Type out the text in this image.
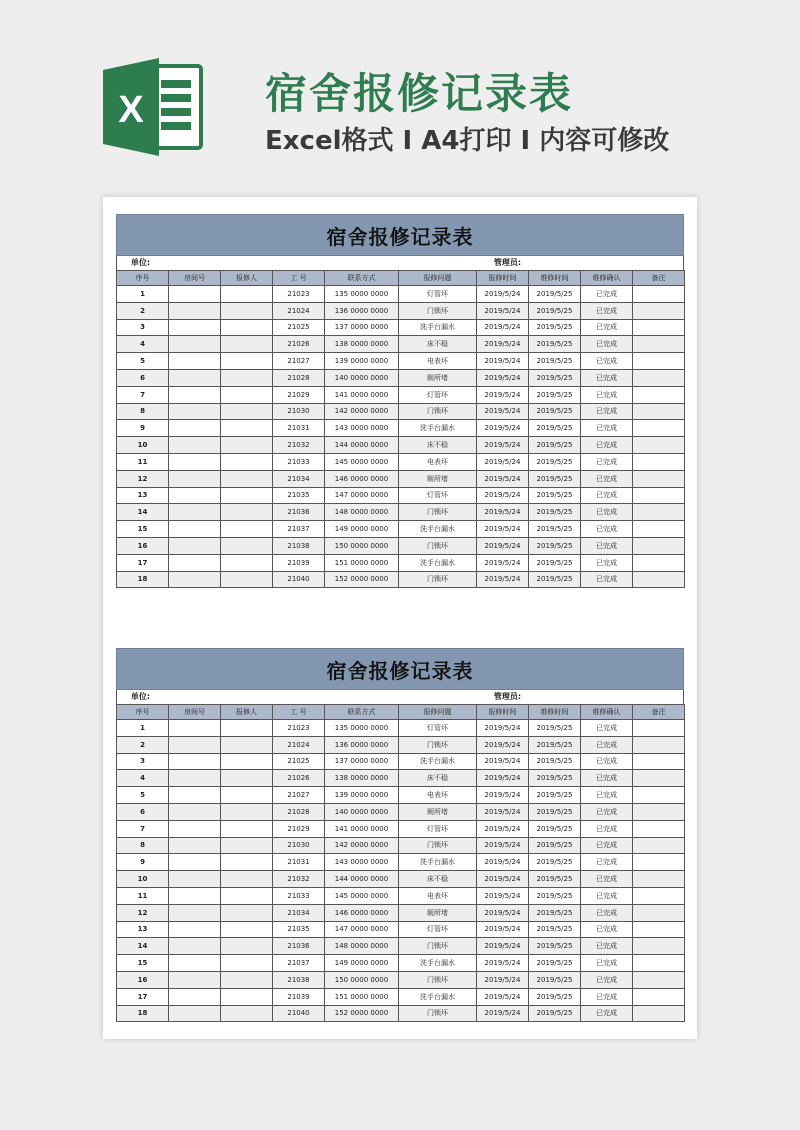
X	宿舍报修记录表
Excel格式 I A4打印 I 内容可修改
宿舍报修记录表
单位:	管理员:
序号	房间号	报修人	工 号	联系方式	报修问题	报修时间	维修时间	维修确认	备注
1			21023	135 0000 0000	灯管坏	2019/5/24	2019/5/25	已完成	
2			21024	136 0000 0000	门锁坏	2019/5/24	2019/5/25	已完成	
3			21025	137 0000 0000	洗手台漏水	2019/5/24	2019/5/25	已完成	
4			21026	138 0000 0000	床不稳	2019/5/24	2019/5/25	已完成	
5			21027	139 0000 0000	电表坏	2019/5/24	2019/5/25	已完成	
6			21028	140 0000 0000	厕所堵	2019/5/24	2019/5/25	已完成	
7			21029	141 0000 0000	灯管坏	2019/5/24	2019/5/25	已完成	
8			21030	142 0000 0000	门锁坏	2019/5/24	2019/5/25	已完成	
9			21031	143 0000 0000	洗手台漏水	2019/5/24	2019/5/25	已完成	
10			21032	144 0000 0000	床不稳	2019/5/24	2019/5/25	已完成	
11			21033	145 0000 0000	电表坏	2019/5/24	2019/5/25	已完成	
12			21034	146 0000 0000	厕所堵	2019/5/24	2019/5/25	已完成	
13			21035	147 0000 0000	灯管坏	2019/5/24	2019/5/25	已完成	
14			21036	148 0000 0000	门锁坏	2019/5/24	2019/5/25	已完成	
15			21037	149 0000 0000	洗手台漏水	2019/5/24	2019/5/25	已完成	
16			21038	150 0000 0000	门锁坏	2019/5/24	2019/5/25	已完成	
17			21039	151 0000 0000	洗手台漏水	2019/5/24	2019/5/25	已完成	
18			21040	152 0000 0000	门锁坏	2019/5/24	2019/5/25	已完成	
宿舍报修记录表
单位:	管理员:
序号	房间号	报修人	工 号	联系方式	报修问题	报修时间	维修时间	维修确认	备注
1			21023	135 0000 0000	灯管坏	2019/5/24	2019/5/25	已完成	
2			21024	136 0000 0000	门锁坏	2019/5/24	2019/5/25	已完成	
3			21025	137 0000 0000	洗手台漏水	2019/5/24	2019/5/25	已完成	
4			21026	138 0000 0000	床不稳	2019/5/24	2019/5/25	已完成	
5			21027	139 0000 0000	电表坏	2019/5/24	2019/5/25	已完成	
6			21028	140 0000 0000	厕所堵	2019/5/24	2019/5/25	已完成	
7			21029	141 0000 0000	灯管坏	2019/5/24	2019/5/25	已完成	
8			21030	142 0000 0000	门锁坏	2019/5/24	2019/5/25	已完成	
9			21031	143 0000 0000	洗手台漏水	2019/5/24	2019/5/25	已完成	
10			21032	144 0000 0000	床不稳	2019/5/24	2019/5/25	已完成	
11			21033	145 0000 0000	电表坏	2019/5/24	2019/5/25	已完成	
12			21034	146 0000 0000	厕所堵	2019/5/24	2019/5/25	已完成	
13			21035	147 0000 0000	灯管坏	2019/5/24	2019/5/25	已完成	
14			21036	148 0000 0000	门锁坏	2019/5/24	2019/5/25	已完成	
15			21037	149 0000 0000	洗手台漏水	2019/5/24	2019/5/25	已完成	
16			21038	150 0000 0000	门锁坏	2019/5/24	2019/5/25	已完成	
17			21039	151 0000 0000	洗手台漏水	2019/5/24	2019/5/25	已完成	
18			21040	152 0000 0000	门锁坏	2019/5/24	2019/5/25	已完成	
